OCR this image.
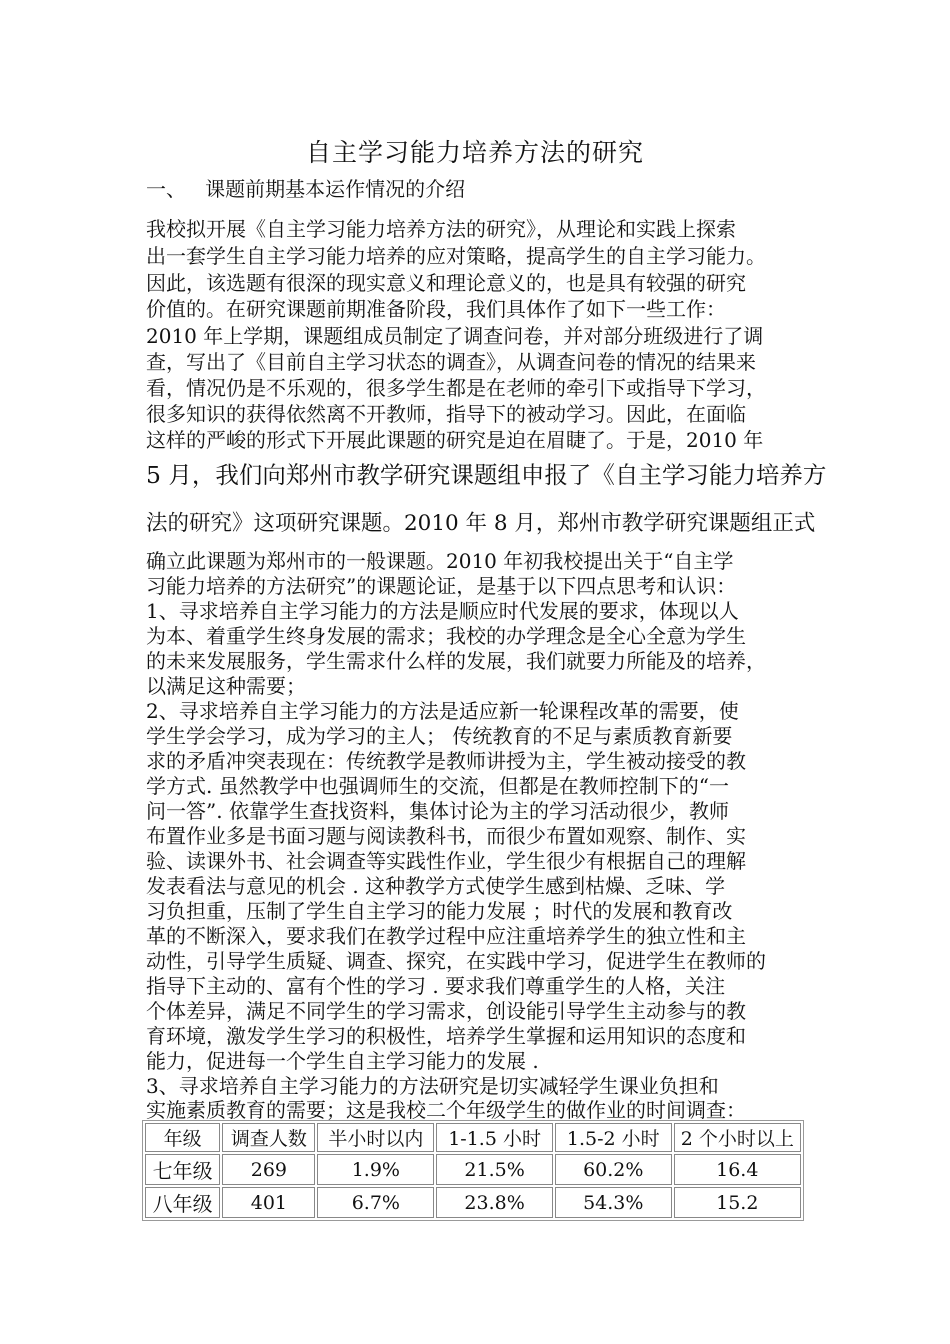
自主学习能力培养方法的研究
一、   课题前期基本运作情况的介绍
我校拟开展《自主学习能力培养方法的研究》，从理论和实践上探索
出一套学生自主学习能力培养的应对策略，提高学生的自主学习能力。
因此，该选题有很深的现实意义和理论意义的，也是具有较强的研究
价值的。在研究课题前期准备阶段，我们具体作了如下一些工作：
2010 年上学期，课题组成员制定了调查问卷，并对部分班级进行了调
查，写出了《目前自主学习状态的调查》，从调查问卷的情况的结果来
看，情况仍是不乐观的，很多学生都是在老师的牵引下或指导下学习，
很多知识的获得依然离不开教师，指导下的被动学习。因此，在面临
这样的严峻的形式下开展此课题的研究是迫在眉睫了。于是，2010 年
5 月，我们向郑州市教学研究课题组申报了《自主学习能力培养方
法的研究》这项研究课题。2010 年 8 月，郑州市教学研究课题组正式
确立此课题为郑州市的一般课题。2010 年初我校提出关于“自主学
习能力培养的方法研究”的课题论证，是基于以下四点思考和认识：
1、寻求培养自主学习能力的方法是顺应时代发展的要求，体现以人
为本、着重学生终身发展的需求；我校的办学理念是全心全意为学生
的未来发展服务，学生需求什么样的发展，我们就要力所能及的培养，
以满足这种需要；
2、寻求培养自主学习能力的方法是适应新一轮课程改革的需要，使
学生学会学习，成为学习的主人； 传统教育的不足与素质教育新要
求的矛盾冲突表现在：传统教学是教师讲授为主，学生被动接受的教
学方式. 虽然教学中也强调师生的交流，但都是在教师控制下的“一
问一答”. 依靠学生查找资料，集体讨论为主的学习活动很少，教师
布置作业多是书面习题与阅读教科书，而很少布置如观察、制作、实
验、读课外书、社会调查等实践性作业，学生很少有根据自己的理解
发表看法与意见的机会 . 这种教学方式使学生感到枯燥、乏味、学
习负担重，压制了学生自主学习的能力发展 ；时代的发展和教育改
革的不断深入，要求我们在教学过程中应注重培养学生的独立性和主
动性，引导学生质疑、调查、探究，在实践中学习，促进学生在教师的
指导下主动的、富有个性的学习 . 要求我们尊重学生的人格，关注
个体差异，满足不同学生的学习需求，创设能引导学生主动参与的教
育环境，激发学生学习的积极性，培养学生掌握和运用知识的态度和
能力，促进每一个学生自主学习能力的发展 .
3、寻求培养自主学习能力的方法研究是切实减轻学生课业负担和
实施素质教育的需要；这是我校二个年级学生的做作业的时间调查：
年级	调查人数	半小时以内	1-1.5 小时	1.5-2 小时	2 个小时以上
七年级	269	1.9%	21.5%	60.2%	16.4
八年级	401	6.7%	23.8%	54.3%	15.2
